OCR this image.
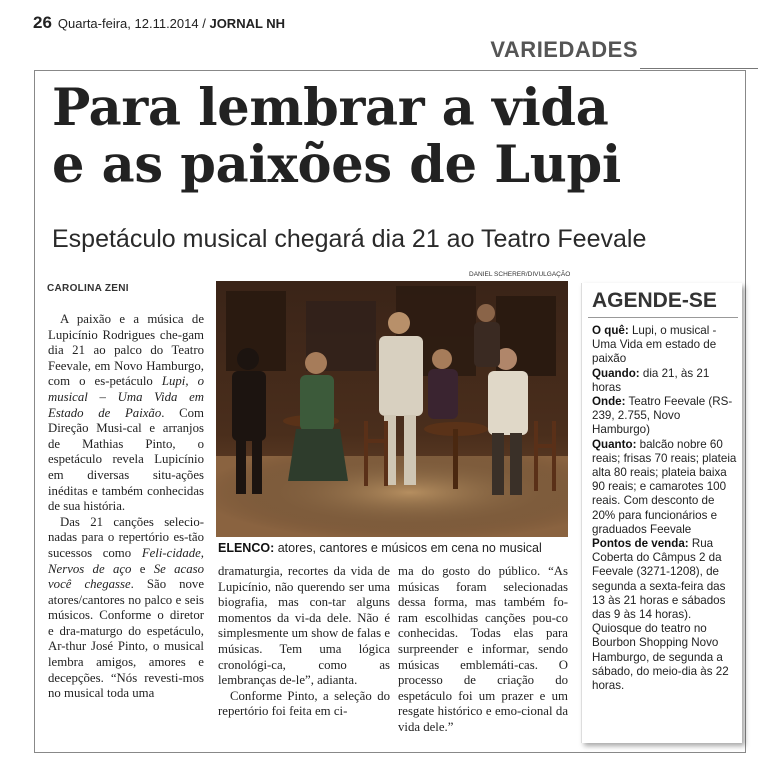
26 Quarta-feira, 12.11.2014 / JORNAL NH
VARIEDADES
Para lembrar a vida
e as paixões de Lupi
Espetáculo musical chegará dia 21 ao Teatro Feevale
CAROLINA ZENI
DANIEL SCHERER/DIVULGAÇÃO

A paixão e a música de Lupicínio Rodrigues che-gam dia 21 ao palco do Teatro Feevale, em Novo Hamburgo, com o es-petáculo Lupi, o musical – Uma Vida em Estado de Paixão. Com Direção Musi-cal e arranjos de Mathias Pinto, o espetáculo revela Lupicínio em diversas situ-ações inéditas e também conhecidas de sua história.

Das 21 canções selecio-nadas para o repertório es-tão sucessos como Feli-cidade, Nervos de aço e Se acaso você chegasse. São nove atores/cantores no palco e seis músicos. Conforme o diretor e dra-maturgo do espetáculo, Ar-thur José Pinto, o musical lembra amigos, amores e decepções. “Nós revesti-mos no musical toda uma

ELENCO: atores, cantores e músicos em cena no musical

dramaturgia, recortes da vida de Lupicínio, não querendo ser uma biografia, mas con-tar alguns momentos da vi-da dele. Não é simplesmente um show de falas e músicas. Tem uma lógica cronológi-ca, como as lembranças de-le”, adianta.

Conforme Pinto, a seleção do repertório foi feita em ci-

ma do gosto do público. “As músicas foram selecionadas dessa forma, mas também fo-ram escolhidas canções pou-co conhecidas. Todas elas para surpreender e informar, sendo músicas emblemáti-cas. O processo de criação do espetáculo foi um prazer e um resgate histórico e emo-cional da vida dele.”

AGENDE-SE

O quê: Lupi, o musical - Uma Vida em estado de paixão

Quando: dia 21, às 21 horas

Onde: Teatro Feevale (RS-239, 2.755, Novo Hamburgo)

Quanto: balcão nobre 60 reais; frisas 70 reais; plateia alta 80 reais; plateia baixa 90 reais; e camarotes 100 reais. Com desconto de 20% para funcionários e graduados Feevale

Pontos de venda: Rua Coberta do Câmpus 2 da Feevale (3271-1208), de segunda a sexta-feira das 13 às 21 horas e sábados das 9 às 14 horas). Quiosque do teatro no Bourbon Shopping Novo Hamburgo, de segunda a sábado, do meio-dia às 22 horas.
